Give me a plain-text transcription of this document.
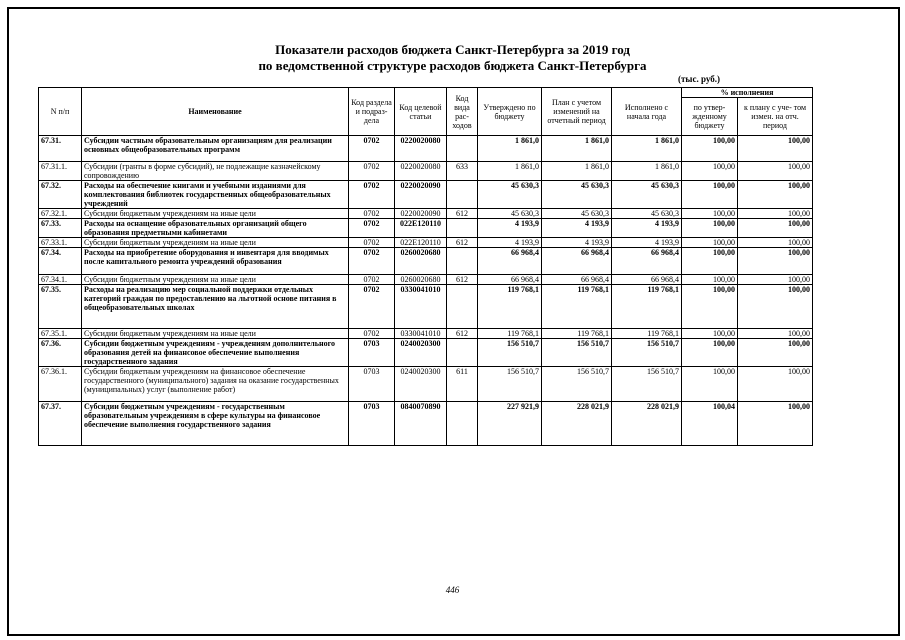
Показатели расходов бюджета Санкт-Петербурга за 2019 год
по ведомственной структуре расходов бюджета Санкт-Петербурга
(тыс. руб.)
N п/п	Наименование	Код раздела и подраз- дела	Код целевой статьи	Код вида рас- ходов	Утверждено по бюджету	План с учетом изменений на отчетный период	Исполнено с начала года	% исполнения	
								по утвер- жденному бюджету	к плану с уче- том измен. на отч. период
67.31.	Субсидии частным образовательным организациям для реализации основных общеобразовательных программ	0702	0220020080		1 861,0	1 861,0	1 861,0	100,00	100,00
67.31.1.	Субсидии (гранты в форме субсидий), не подлежащие казначейскому сопровождению	0702	0220020080	633	1 861,0	1 861,0	1 861,0	100,00	100,00
67.32.	Расходы на обеспечение книгами и учебными изданиями для комплектования библиотек государственных общеобразовательных учреждений	0702	0220020090		45 630,3	45 630,3	45 630,3	100,00	100,00
67.32.1.	Субсидии бюджетным учреждениям на иные цели	0702	0220020090	612	45 630,3	45 630,3	45 630,3	100,00	100,00
67.33.	Расходы на оснащение образовательных организаций общего образования предметными кабинетами	0702	022E120110		4 193,9	4 193,9	4 193,9	100,00	100,00
67.33.1.	Субсидии бюджетным учреждениям на иные цели	0702	022E120110	612	4 193,9	4 193,9	4 193,9	100,00	100,00
67.34.	Расходы на приобретение оборудования и инвентаря для вводимых после капитального ремонта учреждений образования	0702	0260020680		66 968,4	66 968,4	66 968,4	100,00	100,00
67.34.1.	Субсидии бюджетным учреждениям на иные цели	0702	0260020680	612	66 968,4	66 968,4	66 968,4	100,00	100,00
67.35.	Расходы на реализацию мер социальной поддержки отдельных категорий граждан по предоставлению на льготной основе питания в общеобразовательных школах	0702	0330041010		119 768,1	119 768,1	119 768,1	100,00	100,00
67.35.1.	Субсидии бюджетным учреждениям на иные цели	0702	0330041010	612	119 768,1	119 768,1	119 768,1	100,00	100,00
67.36.	Субсидии бюджетным учреждениям - учреждениям дополнительного образования детей на финансовое обеспечение выполнения государственного задания	0703	0240020300		156 510,7	156 510,7	156 510,7	100,00	100,00
67.36.1.	Субсидии бюджетным учреждениям на финансовое обеспечение государственного (муниципального) задания на оказание государственных (муниципальных) услуг (выполнение работ)	0703	0240020300	611	156 510,7	156 510,7	156 510,7	100,00	100,00
67.37.	Субсидии бюджетным учреждениям - государственным образовательным учреждениям в сфере культуры на финансовое обеспечение выполнения государственного задания	0703	0840070890		227 921,9	228 021,9	228 021,9	100,04	100,00
446
